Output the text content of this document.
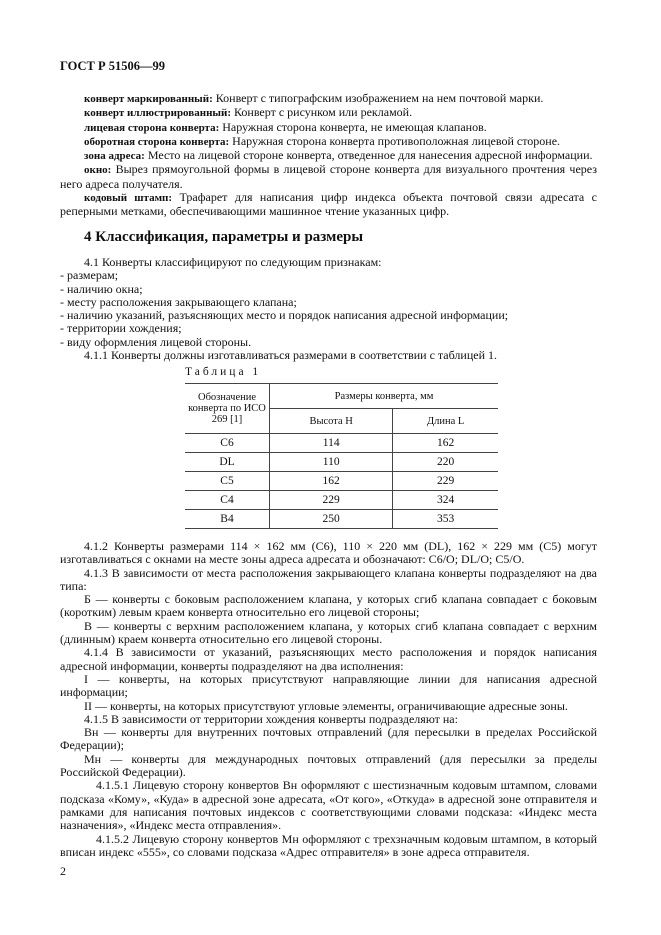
ГОСТ Р 51506—99

конверт маркированный: Конверт с типографским изображением на нем почтовой марки.

конверт иллюстрированный: Конверт с рисунком или рекламой.

лицевая сторона конверта: Наружная сторона конверта, не имеющая клапанов.

оборотная сторона конверта: Наружная сторона конверта противоположная лицевой стороне.

зона адреса: Место на лицевой стороне конверта, отведенное для нанесения адресной информации.

окно: Вырез прямоугольной формы в лицевой стороне конверта для визуального прочтения через него адреса получателя.

кодовый штамп: Трафарет для написания цифр индекса объекта почтовой связи адресата с реперными метками, обеспечивающими машинное чтение указанных цифр.

4 Классификация, параметры и размеры

4.1 Конверты классифицируют по следующим признакам:

- размерам;

- наличию окна;

- месту расположения закрывающего клапана;

- наличию указаний, разъясняющих место и порядок написания адресной информации;

- территории хождения;

- виду оформления лицевой стороны.

4.1.1 Конверты должны изготавливаться размерами в соответствии с таблицей 1.

Таблица 1
Обозначение конверта по ИСО 269 [1]	Размеры конверта, мм	
	Высота H	Длина L
C6	114	162
DL	110	220
C5	162	229
C4	229	324
B4	250	353

4.1.2 Конверты размерами 114 × 162 мм (С6), 110 × 220 мм (DL), 162 × 229 мм (С5) могут изготавливаться с окнами на месте зоны адреса адресата и обозначают: С6/О; DL/O; С5/О.

4.1.3 В зависимости от места расположения закрывающего клапана конверты подразделяют на два типа:

Б — конверты с боковым расположением клапана, у которых сгиб клапана совпадает с боковым (коротким) левым краем конверта относительно его лицевой стороны;

В — конверты с верхним расположением клапана, у которых сгиб клапана совпадает с верхним (длинным) краем конверта относительно его лицевой стороны.

4.1.4 В зависимости от указаний, разъясняющих место расположения и порядок написания адресной информации, конверты подразделяют на два исполнения:

I — конверты, на которых присутствуют направляющие линии для написания адресной информации;

II — конверты, на которых присутствуют угловые элементы, ограничивающие адресные зоны.

4.1.5 В зависимости от территории хождения конверты подразделяют на:

Вн — конверты для внутренних почтовых отправлений (для пересылки в пределах Российской Федерации);

Мн — конверты для международных почтовых отправлений (для пересылки за пределы Российской Федерации).

4.1.5.1 Лицевую сторону конвертов Вн оформляют с шестизначным кодовым штампом, словами подсказа «Кому», «Куда» в адресной зоне адресата, «От кого», «Откуда» в адресной зоне отправителя и рамками для написания почтовых индексов с соответствующими словами подсказа: «Индекс места назначения», «Индекс места отправления».

4.1.5.2 Лицевую сторону конвертов Мн оформляют с трехзначным кодовым штампом, в который вписан индекс «555», со словами подсказа «Адрес отправителя» в зоне адреса отправителя.

2
